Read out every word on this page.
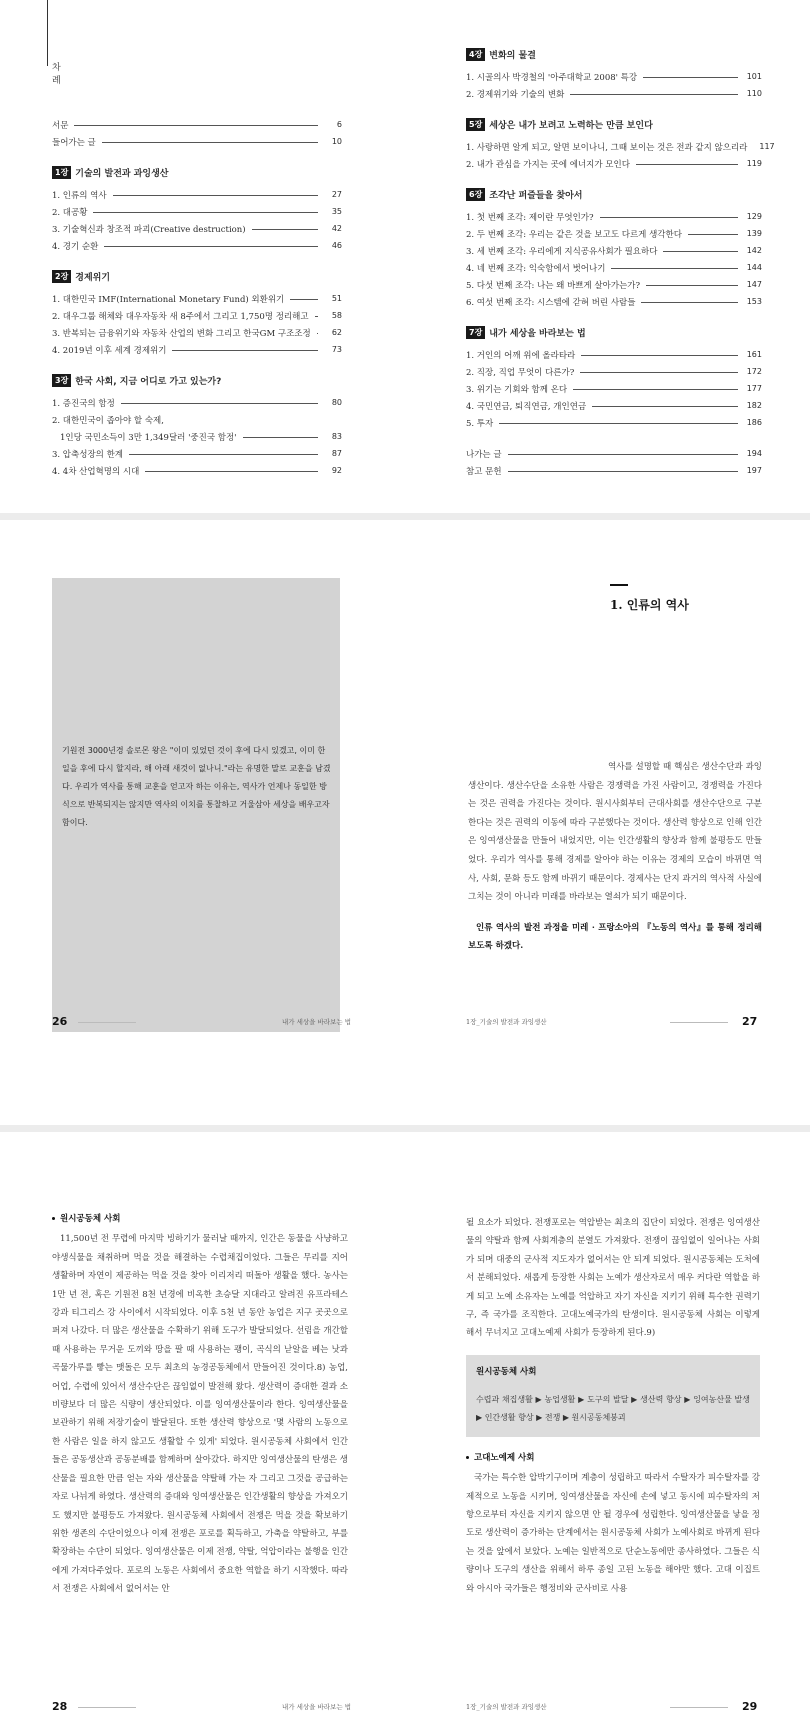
차례
서문	6
들어가는 글	10
1장 기술의 발전과 과잉생산
1. 인류의 역사	27
2. 대공황	35
3. 기술혁신과 창조적 파괴(Creative destruction)	42
4. 경기 순환	46
2장 경제위기
1. 대한민국 IMF(International Monetary Fund) 외환위기	51
2. 대우그룹 해체와 대우자동차 새 8주에서 그리고 1,750명 정리해고	58
3. 반복되는 금융위기와 자동차 산업의 변화 그리고 한국GM 구조조정	62
4. 2019년 이후 세계 경제위기	73
3장 한국 사회, 지금 어디로 가고 있는가?
1. 증진국의 함정	80
2. 대한민국이 좁아야 할 숙제,
1인당 국민소득이 3만 1,349달러 '중진국 함정'	83
3. 압축성장의 한계	87
4. 4차 산업혁명의 시대	92
4장 변화의 물결
1. 시골의사 박경철의 '아주대학교 2008' 특강	101
2. 경제위기와 기술의 변화	110
5장 세상은 내가 보려고 노력하는 만큼 보인다
1. 사랑하면 알게 되고, 알면 보이나니, 그때 보이는 것은 전과 같지 않으리라 117
2. 내가 관심을 가지는 곳에 에너지가 모인다	119
6장 조각난 퍼즐들을 찾아서
1. 첫 번째 조각: 제이란 무엇인가?	129
2. 두 번째 조각: 우리는 같은 것을 보고도 다르게 생각한다	139
3. 세 번째 조각: 우리에게 지식공유사회가 필요하다	142
4. 네 번째 조각: 익숙함에서 벗어나기	144
5. 다섯 번째 조각: 나는 왜 바쁘게 살아가는가?	147
6. 여섯 번째 조각: 시스템에 갇혀 버린 사람들	153
7장 내가 세상을 바라보는 법
1. 거인의 어깨 위에 올라타라	161
2. 직장, 직업 무엇이 다른가?	172
3. 위기는 기회와 함께 온다	177
4. 국민연금, 퇴직연금, 개인연금	182
5. 투자	186
나가는 글	194
참고 문헌	197
기원전 3000년경 솔로몬 왕은 "이미 있었던 것이 후에 다시 있겠고, 이미 한 일을 후에 다시 할지라, 해 아래 새것이 없나니."라는 유명한 말로 교훈을 남겼다. 우리가 역사를 통해 교훈을 얻고자 하는 이유는, 역사가 언제나 동일한 방식으로 반복되지는 않지만 역사의 이치를 통찰하고 거울삼아 세상을 배우고자 함이다.
1. 인류의 역사

역사를 설명할 때 핵심은 생산수단과 과잉생산이다. 생산수단을 소유한 사람은 경쟁력을 가진 사람이고, 경쟁력을 가진다는 것은 권력을 가진다는 것이다. 원시사회부터 근대사회를 생산수단으로 구분한다는 것은 권력의 이동에 따라 구분했다는 것이다. 생산력 향상으로 인해 인간은 잉여생산물을 만들어 내었지만, 이는 인간생활의 향상과 함께 불평등도 만들었다. 우리가 역사를 통해 경제를 알아야 하는 이유는 경제의 모습이 바뀌면 역사, 사회, 문화 등도 함께 바뀌기 때문이다. 경제사는 단지 과거의 역사적 사실에 그치는 것이 아니라 미래를 바라보는 열쇠가 되기 때문이다.

인류 역사의 발전 과정을 미레 · 프랑소아의 『노동의 역사』를 통해 정리해 보도록 하겠다.

26	내가 세상을 바라보는 법	1장_기술의 발전과 과잉생산	27
원시공동체 사회

11,500년 전 무렵에 마지막 빙하기가 물러날 때까지, 인간은 동물을 사냥하고 야생식물을 채취하며 먹을 것을 해결하는 수렵채집이었다. 그들은 무리를 지어 생활하며 자연이 제공하는 먹을 것을 찾아 이리저리 떠돌아 생활을 했다. 농사는 1만 년 전, 혹은 기원전 8천 년경에 비옥한 초승달 지대라고 알려진 유프라테스 강과 티그리스 강 사이에서 시작되었다. 이후 5천 년 동안 농업은 지구 곳곳으로 퍼져 나갔다. 더 많은 생산물을 수확하기 위해 도구가 발달되었다. 선림을 개간할 때 사용하는 무거운 도끼와 땅을 팔 때 사용하는 괭이, 곡식의 낟알을 베는 낫과 곡물가루를 빻는 맷돌은 모두 최초의 농경공동체에서 만들어진 것이다.8) 농업, 어업, 수렵에 있어서 생산수단은 끊임없이 발전해 왔다. 생산력이 증대한 결과 소비량보다 더 많은 식량이 생산되었다. 이를 잉여생산물이라 한다. 잉여생산물을 보관하기 위해 저장기술이 발달된다. 또한 생산력 향상으로 '몇 사람의 노동으로 한 사람은 일을 하지 않고도 생활할 수 있게' 되었다. 원시공동체 사회에서 인간들은 공동생산과 공동분배를 함께하며 살아갔다. 하지만 잉여생산물의 탄생은 생산물을 필요한 만큼 얻는 자와 생산물을 약탈해 가는 자 그리고 그것을 공급하는 자로 나뉘게 하였다. 생산력의 증대와 잉여생산물은 인간생활의 향상을 가져오기도 했지만 불평등도 가져왔다. 원시공동체 사회에서 전쟁은 먹을 것을 확보하기 위한 생존의 수단이었으나 이제 전쟁은 포로를 획득하고, 가축을 약탈하고, 부를 확장하는 수단이 되었다. 잉여생산물은 이제 전쟁, 약탈, 억압이라는 불행을 인간에게 가져다주었다. 포로의 노동은 사회에서 중요한 역할을 하기 시작했다. 따라서 전쟁은 사회에서 없어서는 안

될 요소가 되었다. 전쟁포로는 역압받는 최초의 집단이 되었다. 전쟁은 잉여생산물의 약탈과 함께 사회계층의 분열도 가져왔다. 전쟁이 끊임없이 일어나는 사회가 되며 대중의 군사적 지도자가 없어서는 안 되게 되었다. 원시공동체는 도처에서 분해되었다. 새롭게 등장한 사회는 노예가 생산자로서 매우 커다란 역할을 하게 되고 노예 소유자는 노예를 억압하고 자기 자신을 지키기 위해 특수한 권력기구, 즉 국가를 조직한다. 고대노예국가의 탄생이다. 원시공동체 사회는 이렇게 해서 무너지고 고대노예제 사회가 등장하게 된다.9)

원시공동체 사회
수렵과 채집생활 ▶ 농업생활 ▶ 도구의 발달 ▶ 생산력 향상 ▶ 잉여농산물 발생 ▶ 인간생활 향상 ▶ 전쟁 ▶ 원시공동체붕괴
고대노예제 사회

국가는 특수한 압박기구이며 계층이 성립하고 따라서 수탈자가 피수탈자를 강제적으로 노동을 시키며, 잉여생산물을 자신에 손에 넣고 동시에 피수탈자의 저항으로부터 자신을 지키지 않으면 안 될 경우에 성립한다. 잉여생산물을 낳을 정도로 생산력이 증가하는 단계에서는 원시공동체 사회가 노예사회로 바뀌게 된다는 것을 앞에서 보았다. 노예는 일반적으로 단순노동에만 종사하였다. 그들은 식량이나 도구의 생산을 위해서 하루 종일 고된 노동을 해야만 했다. 고대 이집트와 아시아 국가들은 행정비와 군사비로 사용

28	내가 세상을 바라보는 법	1장_기술의 발전과 과잉생산	29
